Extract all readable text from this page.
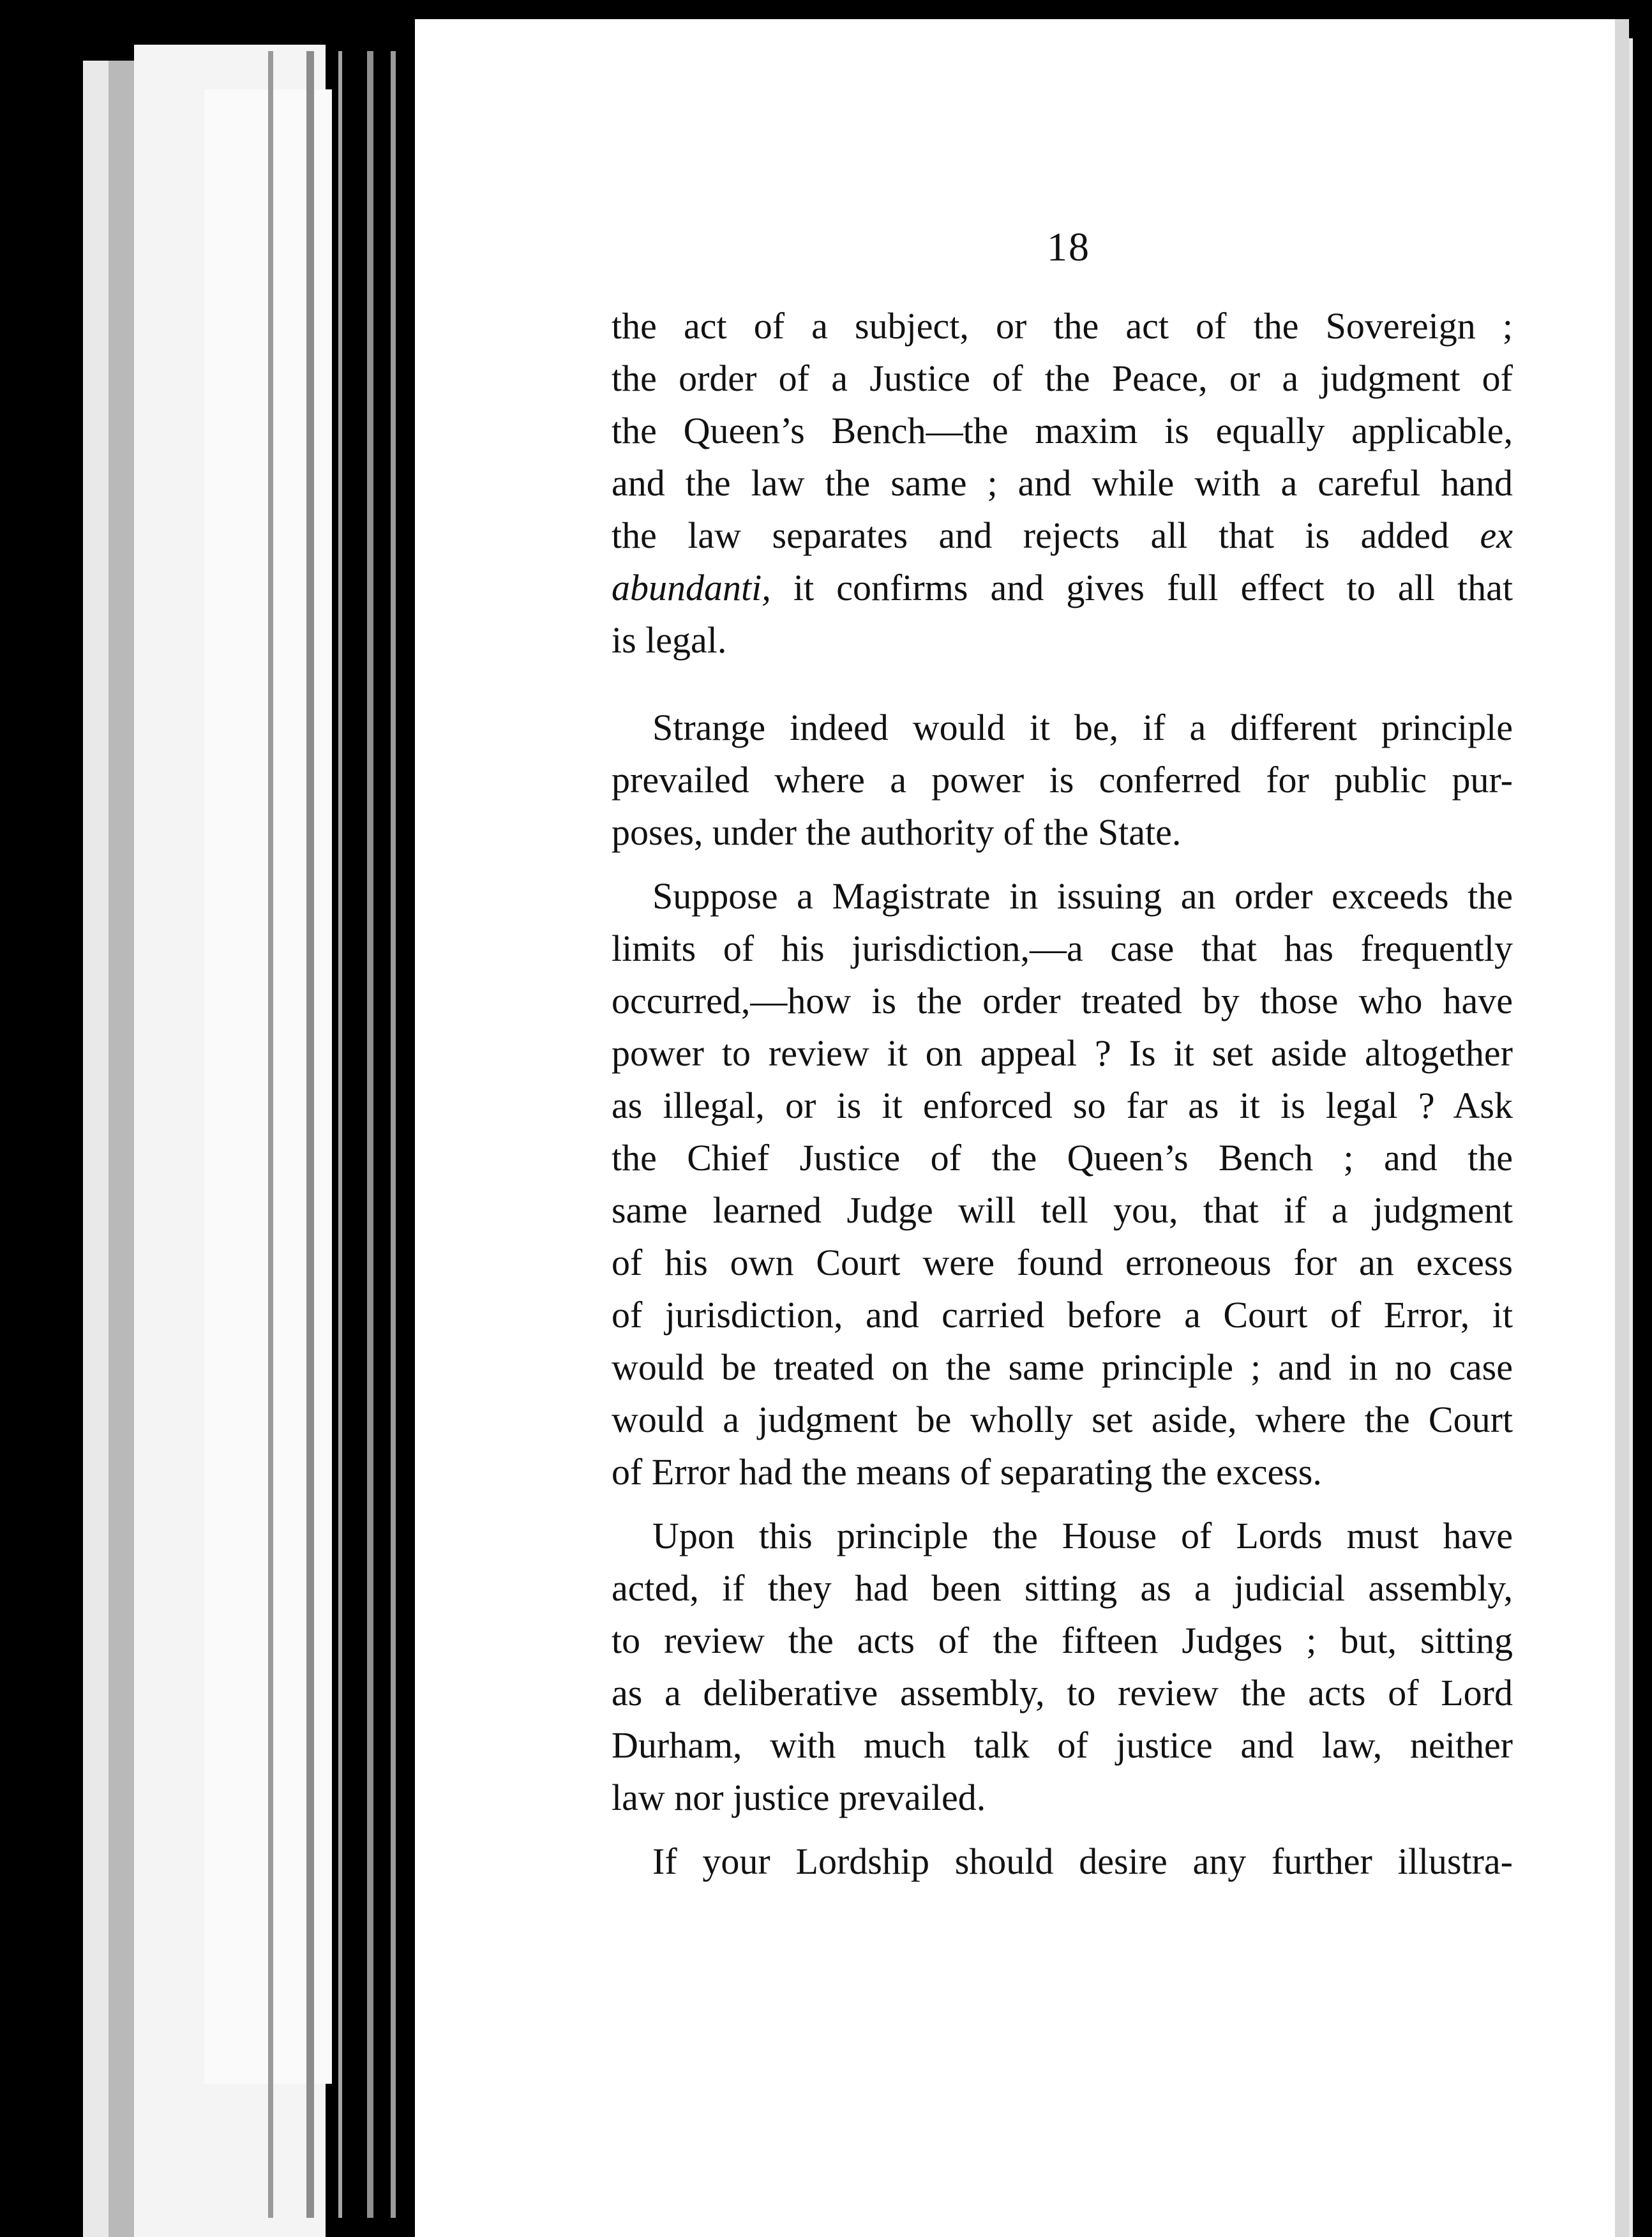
18
the act of a subject, or the act of the Sovereign ;
the order of a Justice of the Peace, or a judgment of
the Queen’s Bench—the maxim is equally applicable,
and the law the same ; and while with a careful hand
the law separates and rejects all that is added ex
abundanti, it confirms and gives full effect to all that
is legal.
Strange indeed would it be, if a different principle
prevailed where a power is conferred for public pur-
poses, under the authority of the State.
Suppose a Magistrate in issuing an order exceeds the
limits of his jurisdiction,—a case that has frequently
occurred,—how is the order treated by those who have
power to review it on appeal ? Is it set aside altogether
as illegal, or is it enforced so far as it is legal ? Ask
the Chief Justice of the Queen’s Bench ; and the
same learned Judge will tell you, that if a judgment
of his own Court were found erroneous for an excess
of jurisdiction, and carried before a Court of Error, it
would be treated on the same principle ; and in no case
would a judgment be wholly set aside, where the Court
of Error had the means of separating the excess.
Upon this principle the House of Lords must have
acted, if they had been sitting as a judicial assembly,
to review the acts of the fifteen Judges ; but, sitting
as a deliberative assembly, to review the acts of Lord
Durham, with much talk of justice and law, neither
law nor justice prevailed.
If your Lordship should desire any further illustra-
